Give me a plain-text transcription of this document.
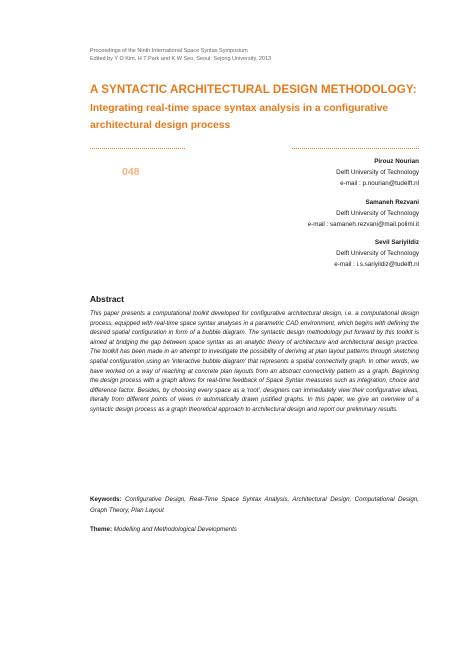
Proceedings of the Ninth International Space Syntax Symposium
Edited by Y O Kim, H T Park and K W Seo, Seoul: Sejong University, 2013
A SYNTACTIC ARCHITECTURAL DESIGN METHODOLOGY:
Integrating real-time space syntax analysis in a configurative architectural design process
048
Pirouz Nourian
Delft University of Technology
e-mail : p.nourian@tudelft.nl
Samaneh Rezvani
Delft University of Technology
e-mail : samaneh.rezvani@mail.polimi.it
Sevil Sariyildiz
Delft University of Technology
e-mail : i.s.sariyildiz@tudelft.nl
Abstract
This paper presents a computational toolkit developed for configurative architectural design, i.e. a computational design process, equipped with real-time space syntax analyses in a parametric CAD environment, which begins with defining the desired spatial configuration in form of a bubble diagram. The syntactic design methodology put forward by this toolkit is aimed at bridging the gap between space syntax as an analytic theory of architecture and architectural design practice. The toolkit has been made in an attempt to investigate the possibility of deriving at plan layout patterns through sketching spatial configuration using an 'interactive bubble diagram' that represents a spatial connectivity graph. In other words, we have worked on a way of reaching at concrete plan layouts from an abstract connectivity pattern as a graph. Beginning the design process with a graph allows for real-time feedback of Space Syntax measures such as integration, choice and difference factor. Besides, by choosing every space as a 'root', designers can immediately view their configurative ideas, literally from different points of views in automatically drawn justified graphs. In this paper, we give an overview of a syntactic design process as a graph theoretical approach to architectural design and report our preliminary results.
Keywords: Configurative Design, Real-Time Space Syntax Analysis, Architectural Design, Computational Design, Graph Theory, Plan Layout
Theme: Modelling and Methodological Developments
